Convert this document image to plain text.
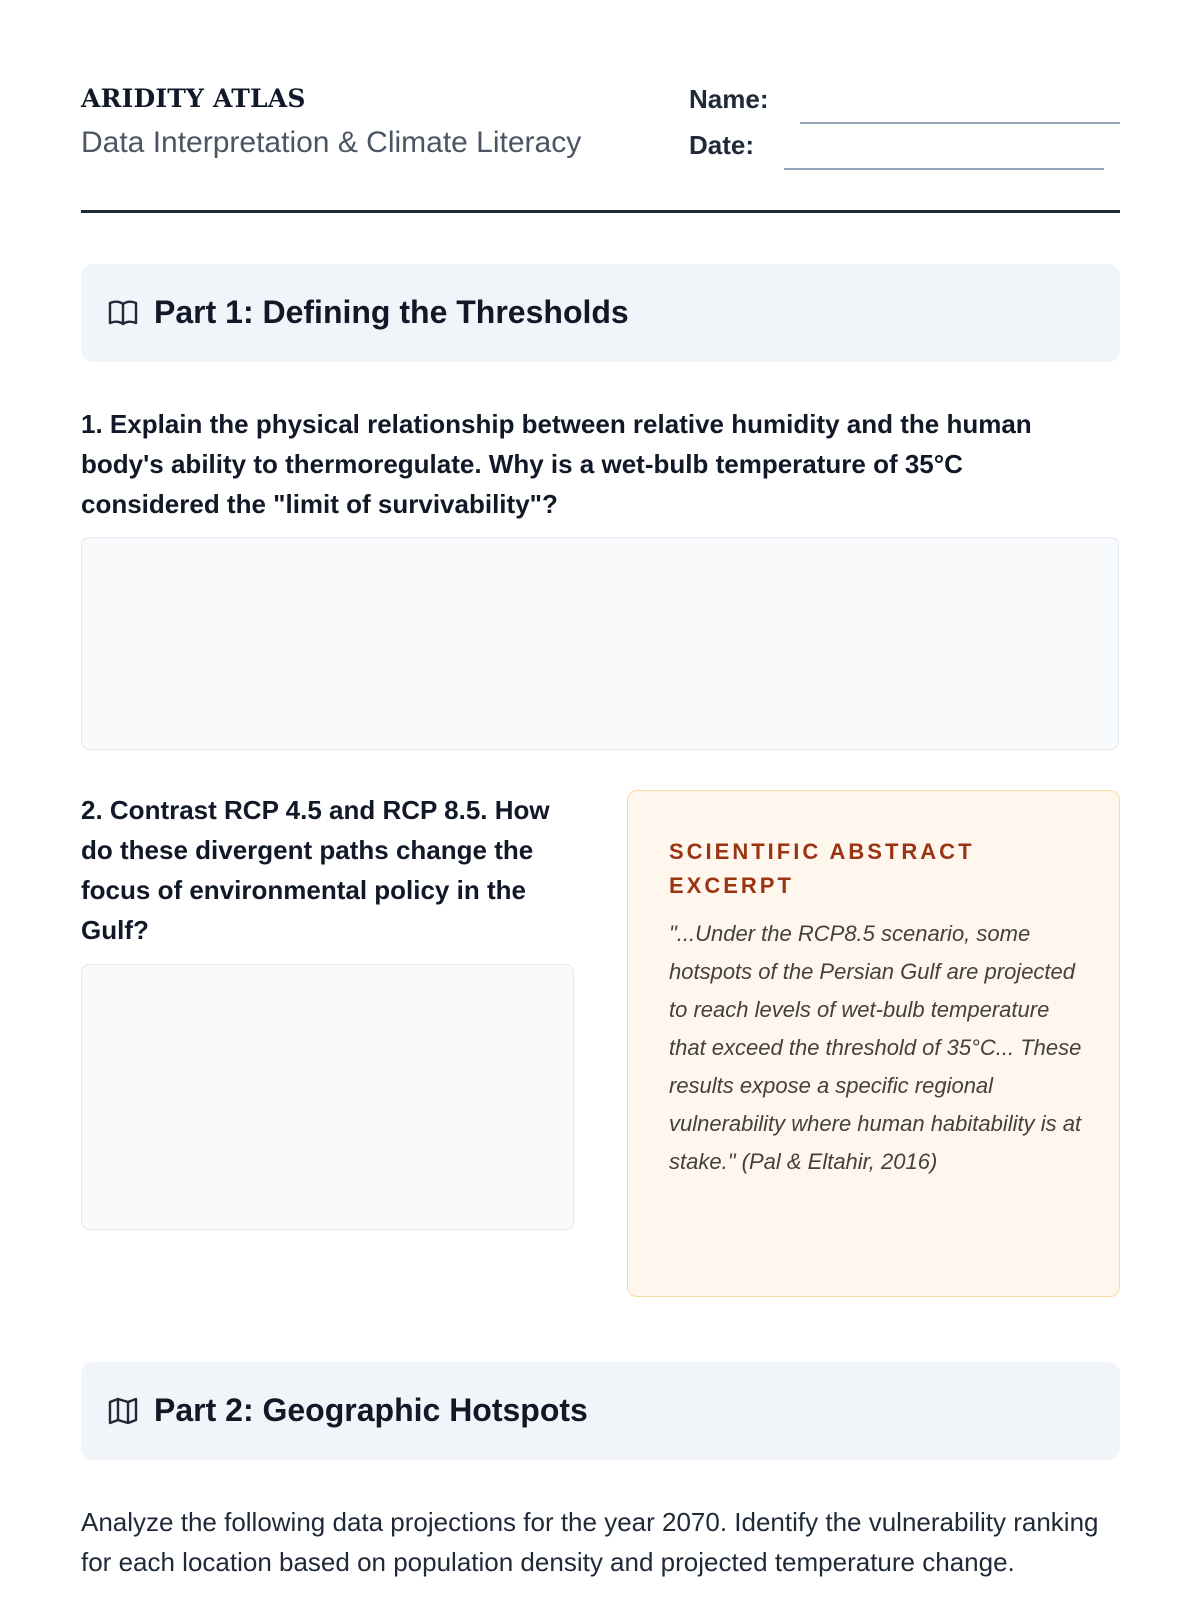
ARIDITY ATLAS
Data Interpretation & Climate Literacy
Name:
Date:
Part 1: Defining the Thresholds
1. Explain the physical relationship between relative humidity and the human body's ability to thermoregulate. Why is a wet-bulb temperature of 35°C considered the "limit of survivability"?
2. Contrast RCP 4.5 and RCP 8.5. How do these divergent paths change the focus of environmental policy in the Gulf?
SCIENTIFIC ABSTRACT EXCERPT
"...Under the RCP8.5 scenario, some hotspots of the Persian Gulf are projected to reach levels of wet-bulb temperature that exceed the threshold of 35°C... These results expose a specific regional vulnerability where human habitability is at stake." (Pal & Eltahir, 2016)
Part 2: Geographic Hotspots
Analyze the following data projections for the year 2070. Identify the vulnerability ranking for each location based on population density and projected temperature change.
